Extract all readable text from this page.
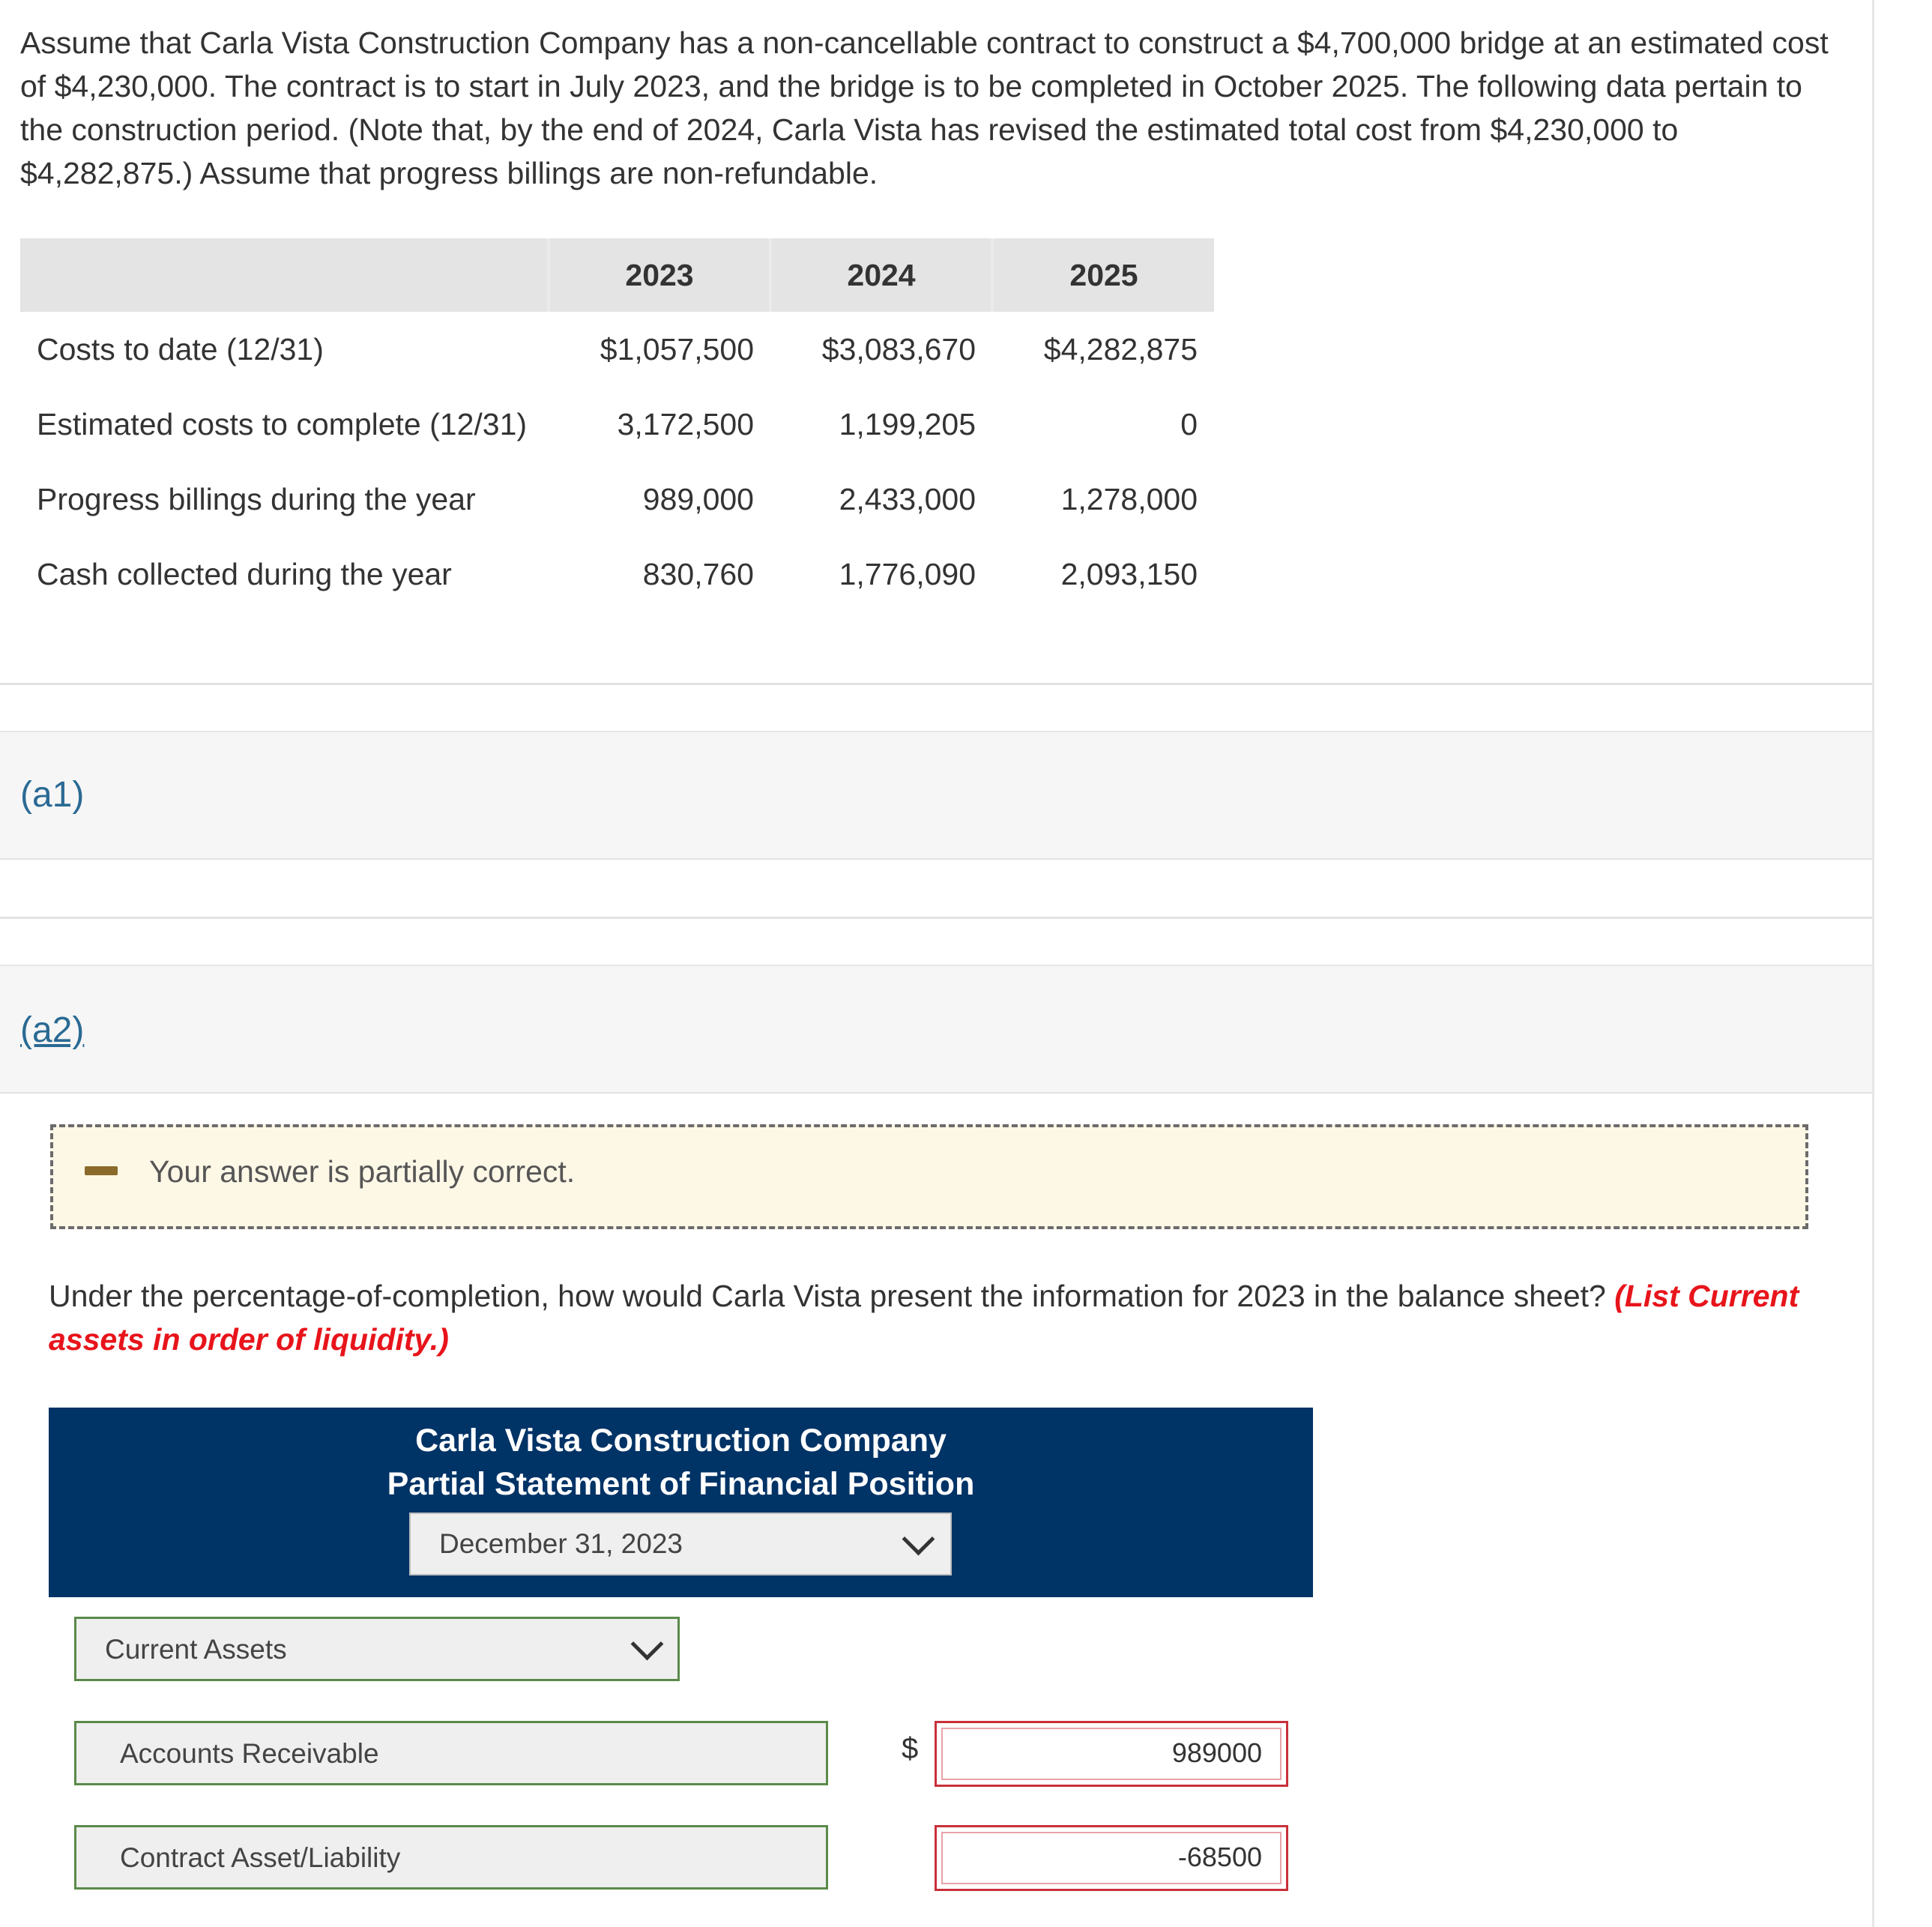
Assume that Carla Vista Construction Company has a non-cancellable contract to construct a $4,700,000 bridge at an estimated cost of $4,230,000. The contract is to start in July 2023, and the bridge is to be completed in October 2025. The following data pertain to the construction period. (Note that, by the end of 2024, Carla Vista has revised the estimated total cost from $4,230,000 to $4,282,875.) Assume that progress billings are non-refundable.

	2023	2024	2025
Costs to date (12/31)	$1,057,500	$3,083,670	$4,282,875
Estimated costs to complete (12/31)	3,172,500	1,199,205	0
Progress billings during the year	989,000	2,433,000	1,278,000
Cash collected during the year	830,760	1,776,090	2,093,150
(a1)
(a2)
Your answer is partially correct.

Under the percentage-of-completion, how would Carla Vista present the information for 2023 in the balance sheet? (List Current assets in order of liquidity.)

Carla Vista Construction Company
Partial Statement of Financial Position
December 31, 2023
Current Assets
Accounts Receivable	$	989000
Contract Asset/Liability	-68500
